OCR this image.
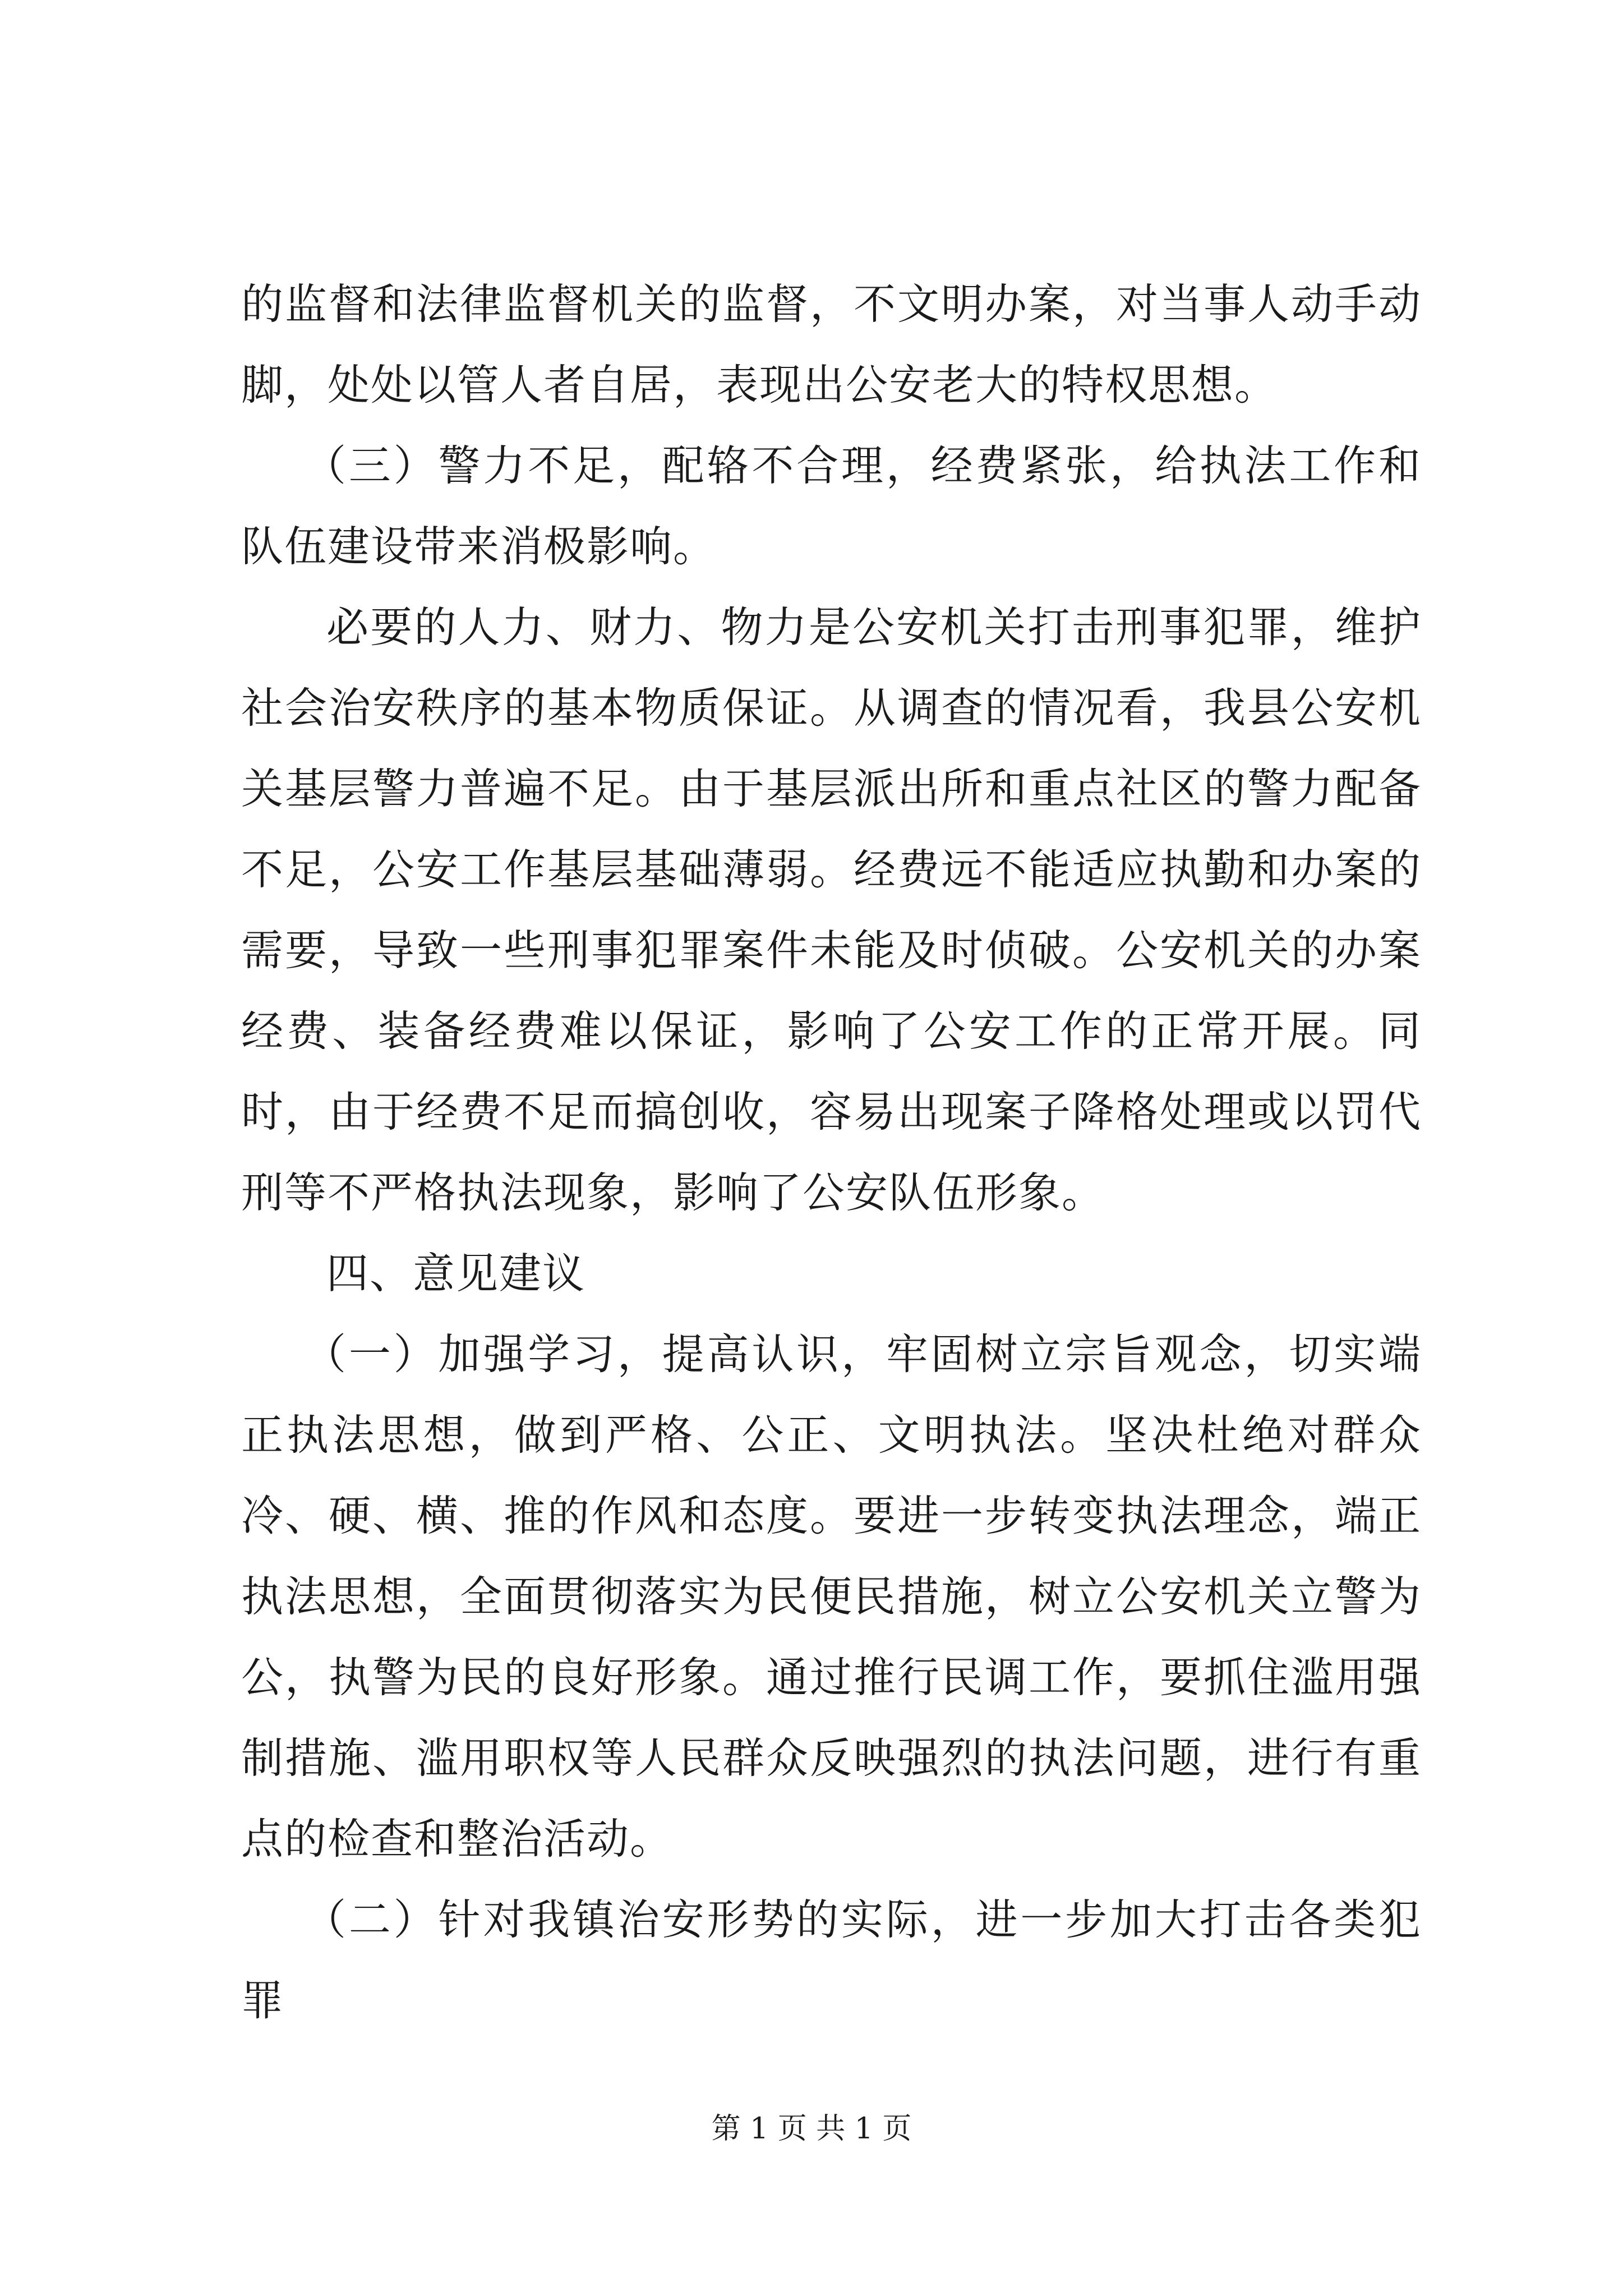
的监督和法律监督机关的监督，不文明办案，对当事人动手动脚，处处以管人者自居，表现出公安老大的特权思想。

（三）警力不足，配辂不合理，经费紧张，给执法工作和队伍建设带来消极影响。

必要的人力、财力、物力是公安机关打击刑事犯罪，维护社会治安秩序的基本物质保证。从调查的情况看，我县公安机关基层警力普遍不足。由于基层派出所和重点社区的警力配备不足，公安工作基层基础薄弱。经费远不能适应执勤和办案的需要，导致一些刑事犯罪案件未能及时侦破。公安机关的办案经费、装备经费难以保证，影响了公安工作的正常开展。同时，由于经费不足而搞创收，容易出现案子降格处理或以罚代刑等不严格执法现象，影响了公安队伍形象。

四、意见建议

（一）加强学习，提高认识，牢固树立宗旨观念，切实端正执法思想，做到严格、公正、文明执法。坚决杜绝对群众冷、硬、横、推的作风和态度。要进一步转变执法理念，端正执法思想，全面贯彻落实为民便民措施，树立公安机关立警为公，执警为民的良好形象。通过推行民调工作，要抓住滥用强制措施、滥用职权等人民群众反映强烈的执法问题，进行有重点的检查和整治活动。

（二）针对我镇治安形势的实际，进一步加大打击各类犯罪

第 1 页 共 1 页
